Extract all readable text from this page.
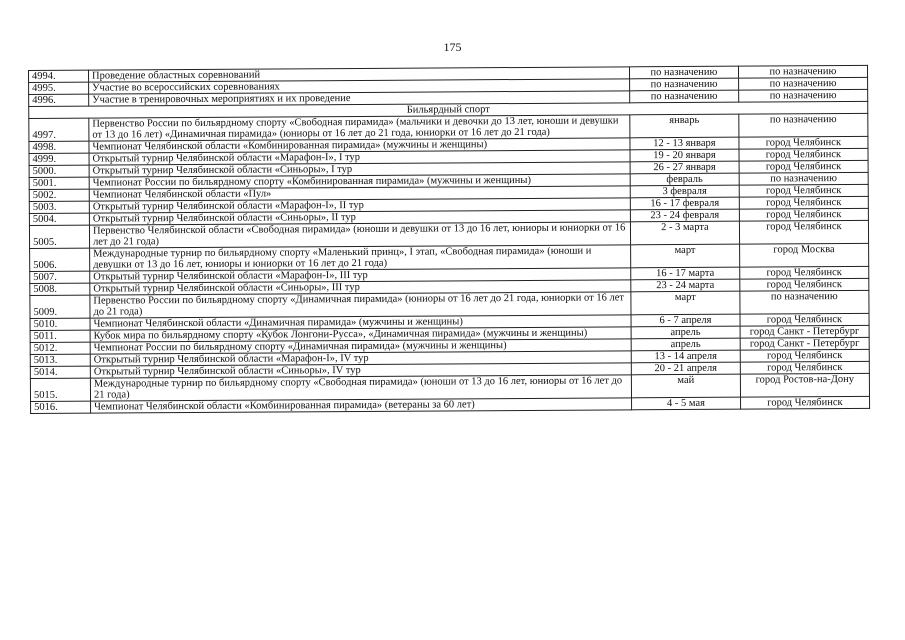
175
4994.	Проведение областных соревнований	по назначению	по назначению
4995.	Участие во всероссийских соревнованиях	по назначению	по назначению
4996.	Участие в тренировочных мероприятиях и их проведение	по назначению	по назначению
Бильярдный спорт			
4997.	Первенство России по бильярдному спорту «Свободная пирамида» (мальчики и девочки до 13 лет, юноши и девушки от 13 до 16 лет) «Динамичная пирамида» (юниоры от 16 лет до 21 года, юниорки от 16 лет до 21 года)	январь	по назначению
4998.	Чемпионат Челябинской области «Комбинированная пирамида» (мужчины и женщины)	12 - 13 января	город Челябинск
4999.	Открытый турнир Челябинской области «Марафон-I», I тур	19 - 20 января	город Челябинск
5000.	Открытый турнир Челябинской области «Синьоры», I тур	26 - 27 января	город Челябинск
5001.	Чемпионат России по бильярдному спорту «Комбинированная пирамида» (мужчины и женщины)	февраль	по назначению
5002.	Чемпионат Челябинской области «Пул»	3 февраля	город Челябинск
5003.	Открытый турнир Челябинской области «Марафон-I», II тур	16 - 17 февраля	город Челябинск
5004.	Открытый турнир Челябинской области «Синьоры», II тур	23 - 24 февраля	город Челябинск
5005.	Первенство Челябинской области «Свободная пирамида» (юноши и девушки от 13 до 16 лет, юниоры и юниорки от 16 лет до 21 года)	2 - 3 марта	город Челябинск
5006.	Международные турнир по бильярдному спорту «Маленький принц», I этап, «Свободная пирамида» (юноши и девушки от 13 до 16 лет, юниоры и юниорки от 16 лет до 21 года)	март	город Москва
5007.	Открытый турнир Челябинской области «Марафон-I», III тур	16 - 17 марта	город Челябинск
5008.	Открытый турнир Челябинской области «Синьоры», III тур	23 - 24 марта	город Челябинск
5009.	Первенство России по бильярдному спорту «Динамичная пирамида» (юниоры от 16 лет до 21 года, юниорки от 16 лет до 21 года)	март	по назначению
5010.	Чемпионат Челябинской области «Динамичная пирамида» (мужчины и женщины)	6 - 7 апреля	город Челябинск
5011.	Кубок мира по бильярдному спорту «Кубок Лонгони-Русса», «Динамичная пирамида» (мужчины и женщины)	апрель	город Санкт - Петербург
5012.	Чемпионат России по бильярдному спорту «Динамичная пирамида» (мужчины и женщины)	апрель	город Санкт - Петербург
5013.	Открытый турнир Челябинской области «Марафон-I», IV тур	13 - 14 апреля	город Челябинск
5014.	Открытый турнир Челябинской области «Синьоры», IV тур	20 - 21 апреля	город Челябинск
5015.	Международные турнир по бильярдному спорту «Свободная пирамида» (юноши от 13 до 16 лет, юниоры от 16 лет до 21 года)	май	город Ростов-на-Дону
5016.	Чемпионат Челябинской области «Комбинированная пирамида» (ветераны за 60 лет)	4 - 5 мая	город Челябинск
